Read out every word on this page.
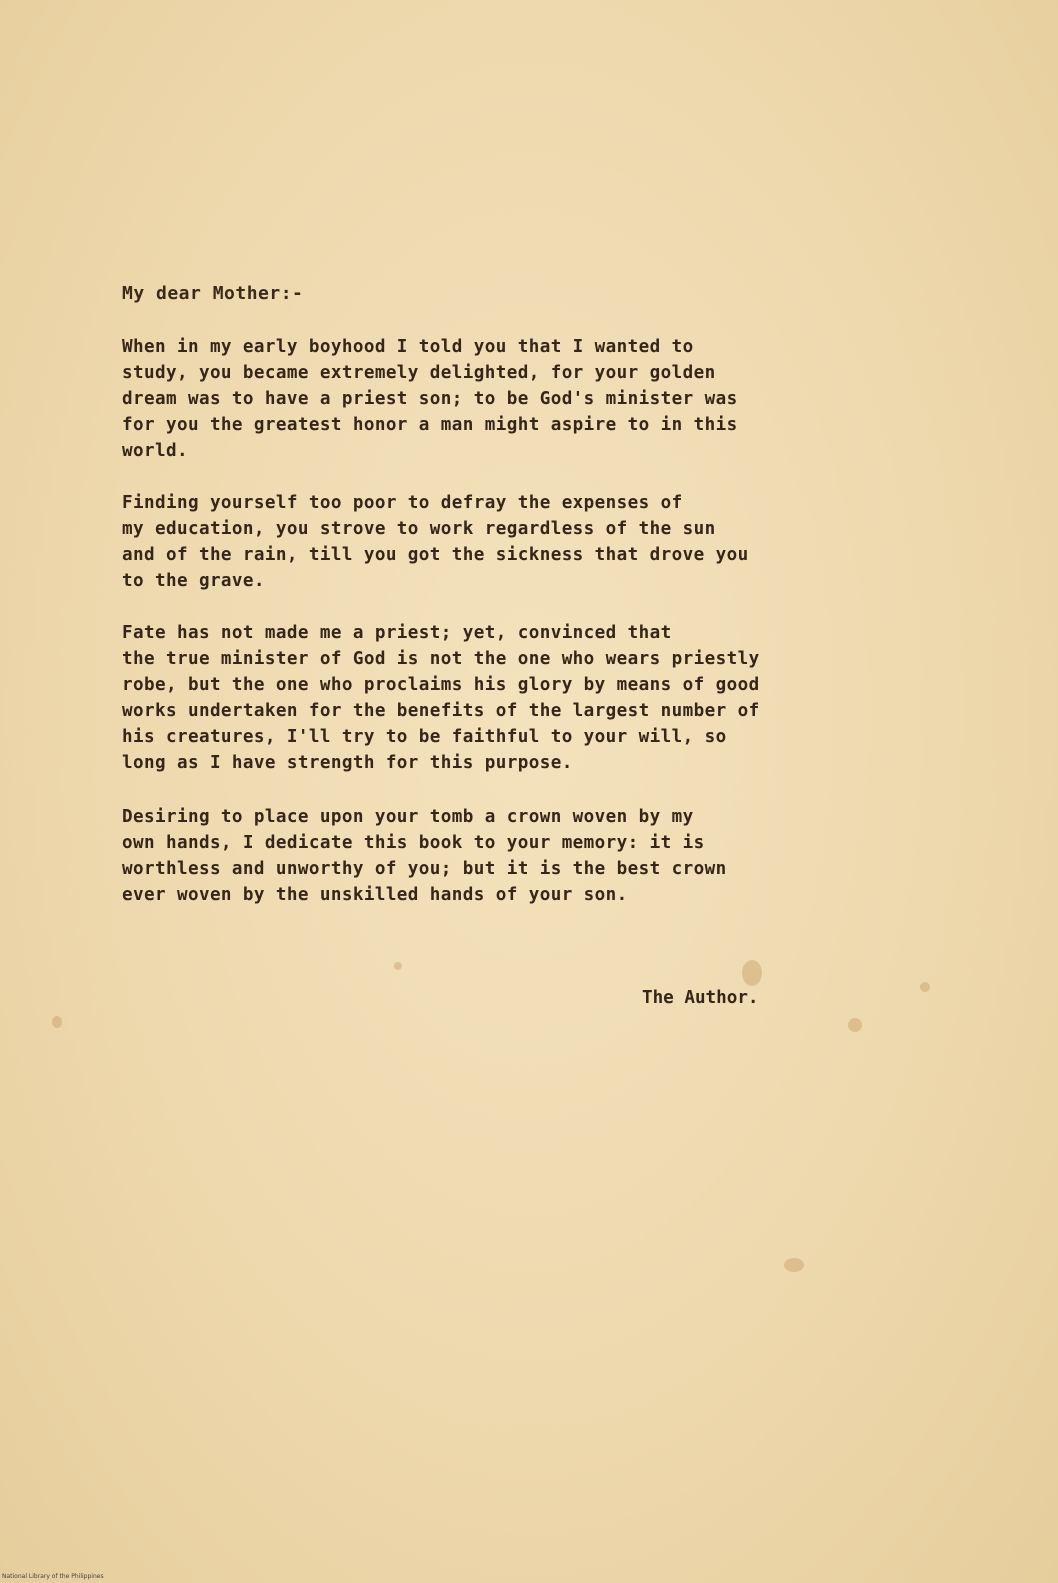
My dear Mother:-

When in my early boyhood I told you that I wanted to
study, you became extremely delighted, for your golden
dream was to have a priest son; to be God's minister was
for you the greatest honor a man might aspire to in this
world.

Finding yourself too poor to defray the expenses of
my education, you strove to work regardless of the sun
and of the rain, till you got the sickness that drove you
to the grave.

Fate has not made me a priest; yet, convinced that
the true minister of God is not the one who wears priestly
robe, but the one who proclaims his glory by means of good
works undertaken for the benefits of the largest number of
his creatures, I'll try to be faithful to your will, so
long as I have strength for this purpose.

Desiring to place upon your tomb a crown woven by my
own hands, I dedicate this book to your memory: it is
worthless and unworthy of you; but it is the best crown
ever woven by the unskilled hands of your son.

The Author.
National Library of the Philippines
